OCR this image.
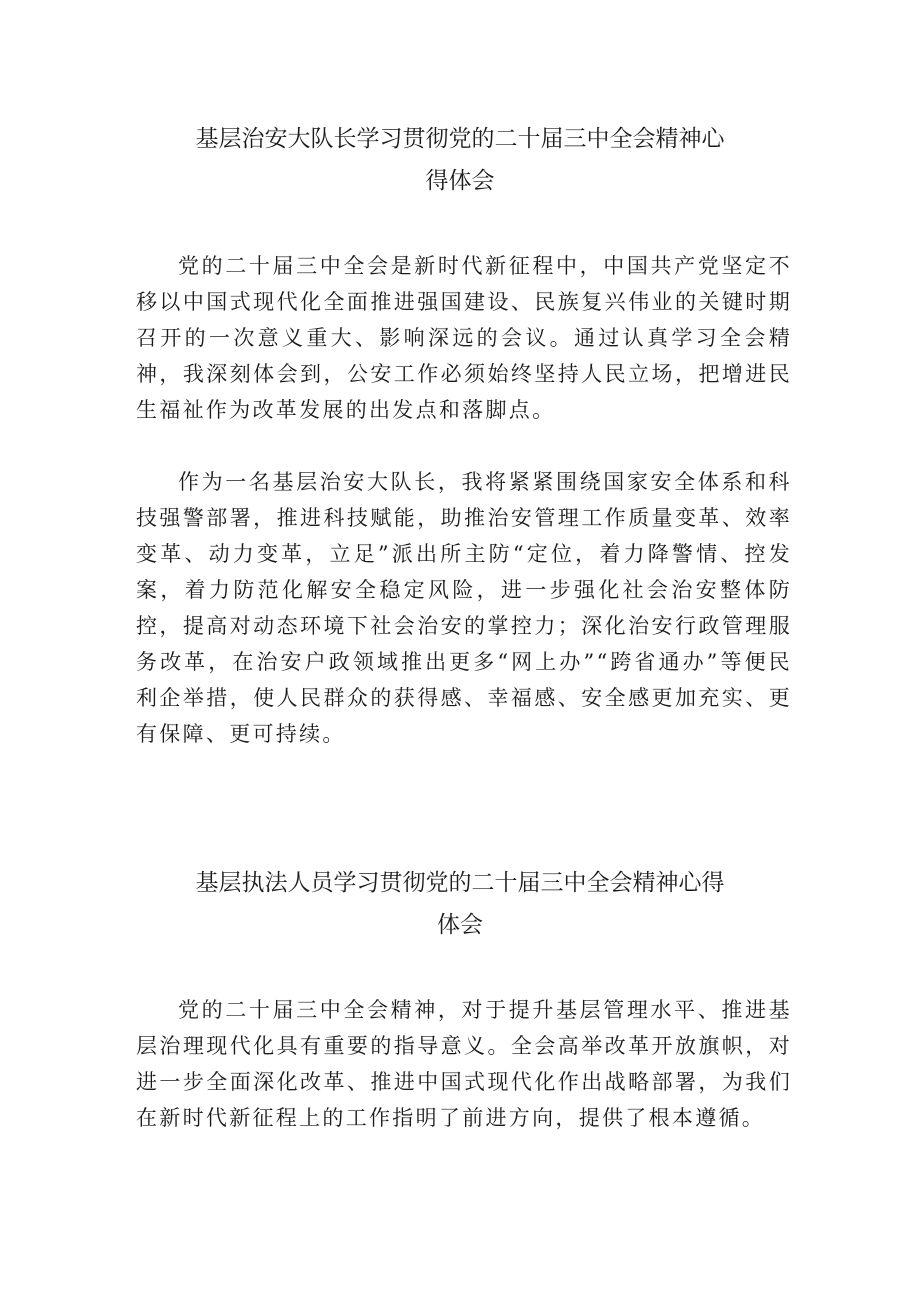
基层治安大队长学习贯彻党的二十届三中全会精神心
得体会

党的二十届三中全会是新时代新征程中，中国共产党坚定不移以中国式现代化全面推进强国建设、民族复兴伟业的关键时期召开的一次意义重大、影响深远的会议。通过认真学习全会精神，我深刻体会到，公安工作必须始终坚持人民立场，把增进民生福祉作为改革发展的出发点和落脚点。

作为一名基层治安大队长，我将紧紧围绕国家安全体系和科技强警部署，推进科技赋能，助推治安管理工作质量变革、效率变革、动力变革，立足”派出所主防“定位，着力降警情、控发案，着力防范化解安全稳定风险，进一步强化社会治安整体防控，提高对动态环境下社会治安的掌控力；深化治安行政管理服务改革，在治安户政领域推出更多“网上办”“跨省通办”等便民利企举措，使人民群众的获得感、幸福感、安全感更加充实、更有保障、更可持续。

基层执法人员学习贯彻党的二十届三中全会精神心得
体会

党的二十届三中全会精神，对于提升基层管理水平、推进基层治理现代化具有重要的指导意义。全会高举改革开放旗帜，对进一步全面深化改革、推进中国式现代化作出战略部署，为我们在新时代新征程上的工作指明了前进方向，提供了根本遵循。
